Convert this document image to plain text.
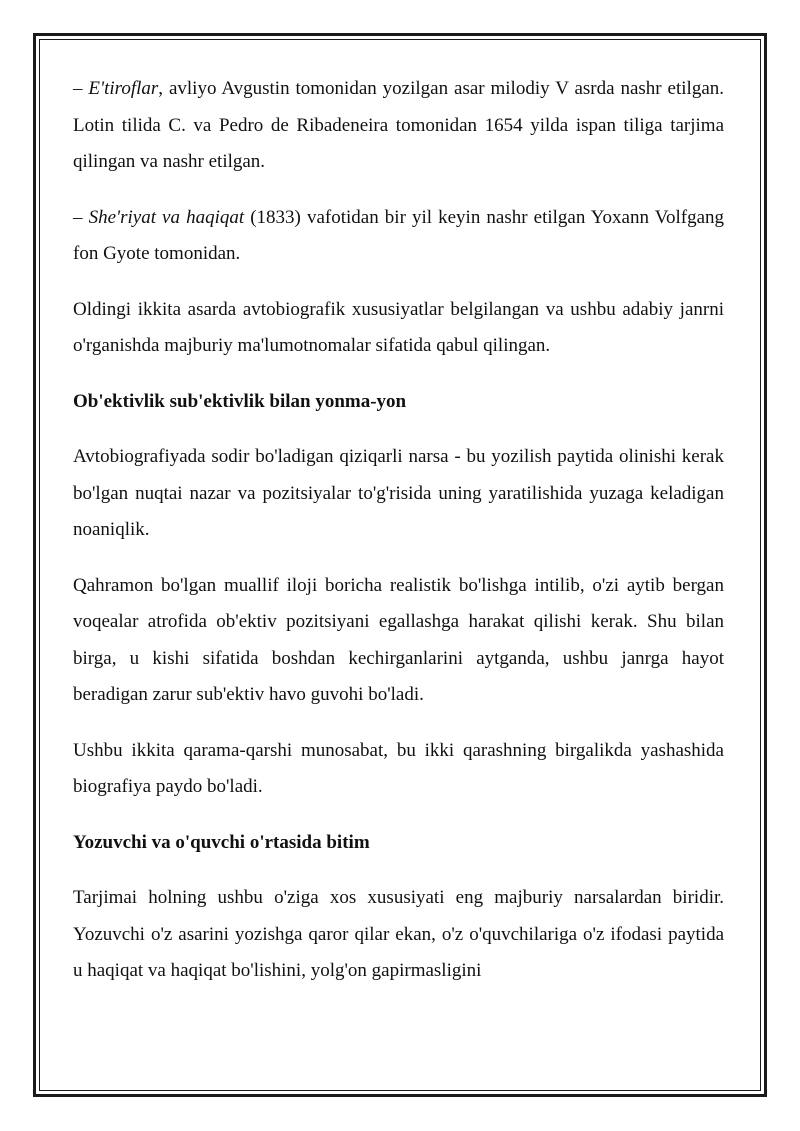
– E'tiroflar, avliyo Avgustin tomonidan yozilgan asar milodiy V asrda nashr etilgan. Lotin tilida C. va Pedro de Ribadeneira tomonidan 1654 yilda ispan tiliga tarjima qilingan va nashr etilgan.

– She'riyat va haqiqat (1833) vafotidan bir yil keyin nashr etilgan Yoxann Volfgang fon Gyote tomonidan.

Oldingi ikkita asarda avtobiografik xususiyatlar belgilangan va ushbu adabiy janrni o'rganishda majburiy ma'lumotnomalar sifatida qabul qilingan.

Ob'ektivlik sub'ektivlik bilan yonma-yon

Avtobiografiyada sodir bo'ladigan qiziqarli narsa - bu yozilish paytida olinishi kerak bo'lgan nuqtai nazar va pozitsiyalar to'g'risida uning yaratilishida yuzaga keladigan noaniqlik.

Qahramon bo'lgan muallif iloji boricha realistik bo'lishga intilib, o'zi aytib bergan voqealar atrofida ob'ektiv pozitsiyani egallashga harakat qilishi kerak. Shu bilan birga, u kishi sifatida boshdan kechirganlarini aytganda, ushbu janrga hayot beradigan zarur sub'ektiv havo guvohi bo'ladi.

Ushbu ikkita qarama-qarshi munosabat, bu ikki qarashning birgalikda yashashida biografiya paydo bo'ladi.

Yozuvchi va o'quvchi o'rtasida bitim

Tarjimai holning ushbu o'ziga xos xususiyati eng majburiy narsalardan biridir. Yozuvchi o'z asarini yozishga qaror qilar ekan, o'z o'quvchilariga o'z ifodasi paytida u haqiqat va haqiqat bo'lishini, yolg'on gapirmasligini
